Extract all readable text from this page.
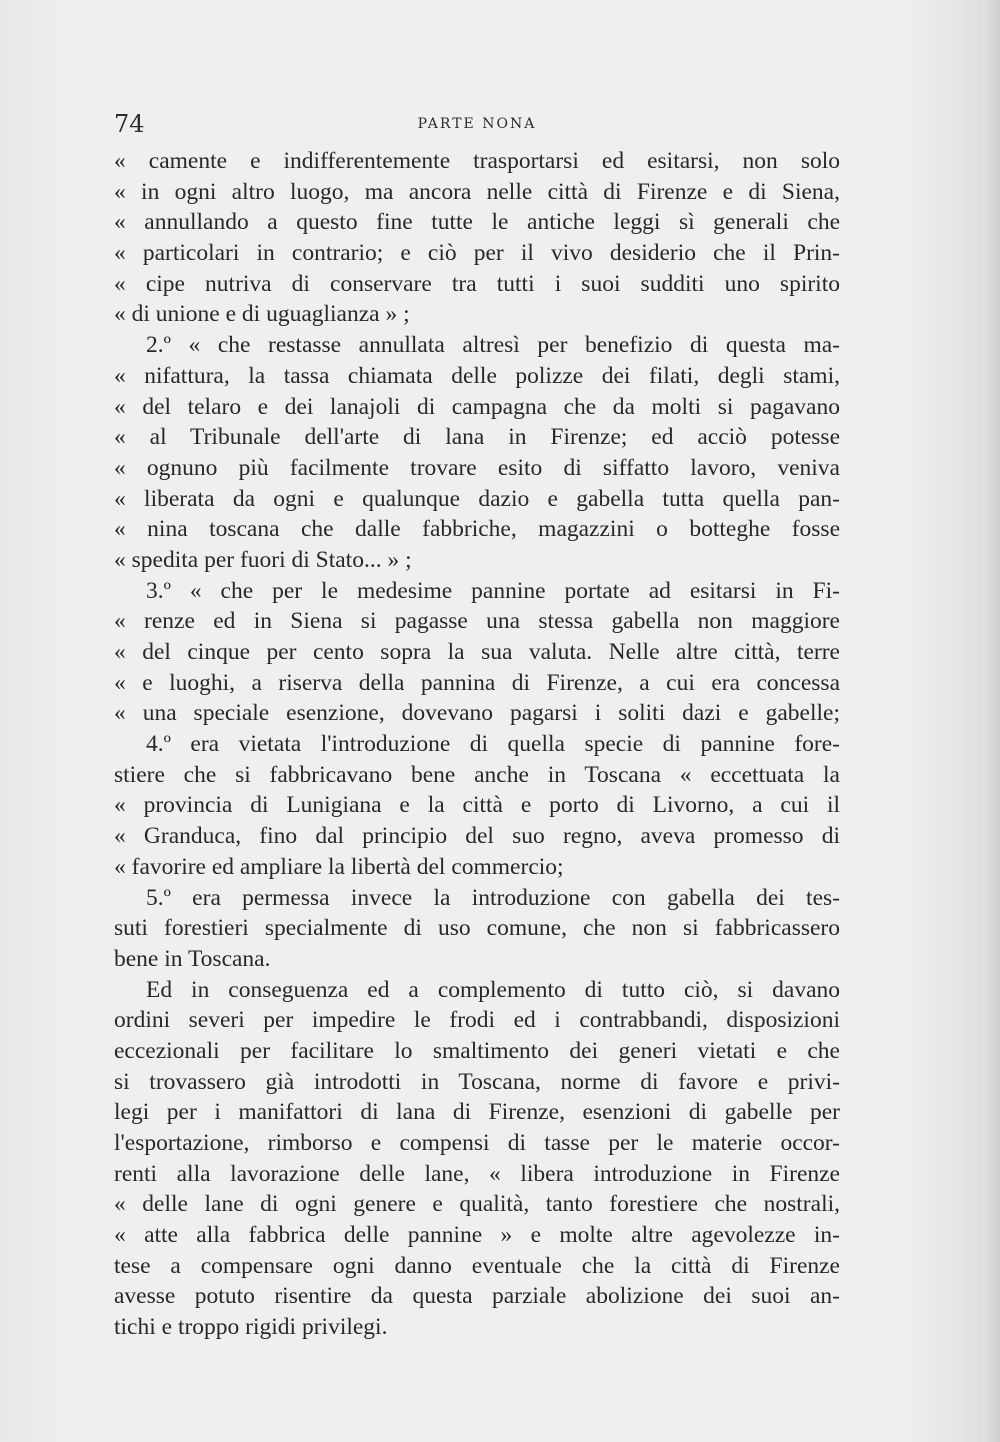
74	PARTE NONA
« camente e indifferentemente trasportarsi ed esitarsi, non solo
« in ogni altro luogo, ma ancora nelle città di Firenze e di Siena,
« annullando a questo fine tutte le antiche leggi sì generali che
« particolari in contrario; e ciò per il vivo desiderio che il Prin-
« cipe nutriva di conservare tra tutti i suoi sudditi uno spirito
« di unione e di uguaglianza » ;
2.º « che restasse annullata altresì per benefizio di questa ma-
« nifattura, la tassa chiamata delle polizze dei filati, degli stami,
« del telaro e dei lanajoli di campagna che da molti si pagavano
« al Tribunale dell'arte di lana in Firenze; ed acciò potesse
« ognuno più facilmente trovare esito di siffatto lavoro, veniva
« liberata da ogni e qualunque dazio e gabella tutta quella pan-
« nina toscana che dalle fabbriche, magazzini o botteghe fosse
« spedita per fuori di Stato... » ;
3.º « che per le medesime pannine portate ad esitarsi in Fi-
« renze ed in Siena si pagasse una stessa gabella non maggiore
« del cinque per cento sopra la sua valuta. Nelle altre città, terre
« e luoghi, a riserva della pannina di Firenze, a cui era concessa
« una speciale esenzione, dovevano pagarsi i soliti dazi e gabelle;
4.º era vietata l'introduzione di quella specie di pannine fore-
stiere che si fabbricavano bene anche in Toscana « eccettuata la
« provincia di Lunigiana e la città e porto di Livorno, a cui il
« Granduca, fino dal principio del suo regno, aveva promesso di
« favorire ed ampliare la libertà del commercio;
5.º era permessa invece la introduzione con gabella dei tes-
suti forestieri specialmente di uso comune, che non si fabbricassero
bene in Toscana.
Ed in conseguenza ed a complemento di tutto ciò, si davano
ordini severi per impedire le frodi ed i contrabbandi, disposizioni
eccezionali per facilitare lo smaltimento dei generi vietati e che
si trovassero già introdotti in Toscana, norme di favore e privi-
legi per i manifattori di lana di Firenze, esenzioni di gabelle per
l'esportazione, rimborso e compensi di tasse per le materie occor-
renti alla lavorazione delle lane, « libera introduzione in Firenze
« delle lane di ogni genere e qualità, tanto forestiere che nostrali,
« atte alla fabbrica delle pannine » e molte altre agevolezze in-
tese a compensare ogni danno eventuale che la città di Firenze
avesse potuto risentire da questa parziale abolizione dei suoi an-
tichi e troppo rigidi privilegi.
